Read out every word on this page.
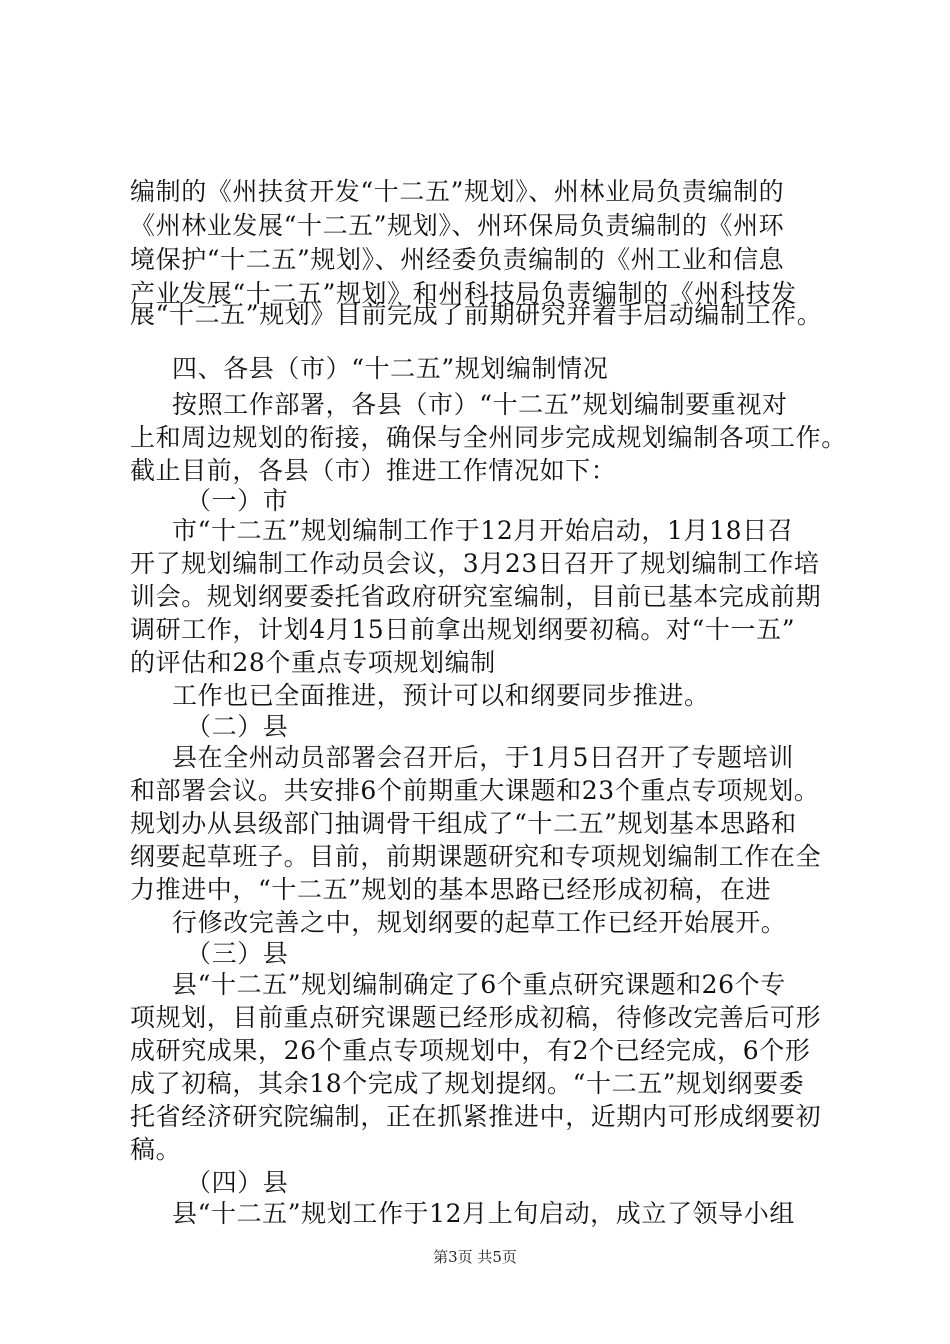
编制的《州扶贫开发“十二五”规划》、州林业局负责编制的
《州林业发展“十二五”规划》、州环保局负责编制的《州环
境保护“十二五”规划》、州经委负责编制的《州工业和信息
产业发展“十二五”规划》和州科技局负责编制的《州科技发
展“十二五”规划》目前完成了前期研究并着手启动编制工作。
四、各县（市）“十二五”规划编制情况
按照工作部署，各县（市）“十二五”规划编制要重视对
上和周边规划的衔接，确保与全州同步完成规划编制各项工作。
截止目前，各县（市）推进工作情况如下：
（一）市
市“十二五”规划编制工作于12月开始启动，1月18日召
开了规划编制工作动员会议，3月23日召开了规划编制工作培
训会。规划纲要委托省政府研究室编制，目前已基本完成前期
调研工作，计划4月15日前拿出规划纲要初稿。对“十一五”
的评估和28个重点专项规划编制
工作也已全面推进，预计可以和纲要同步推进。
（二）县
县在全州动员部署会召开后，于1月5日召开了专题培训
和部署会议。共安排6个前期重大课题和23个重点专项规划。
规划办从县级部门抽调骨干组成了“十二五”规划基本思路和
纲要起草班子。目前，前期课题研究和专项规划编制工作在全
力推进中，“十二五”规划的基本思路已经形成初稿，在进
行修改完善之中，规划纲要的起草工作已经开始展开。
（三）县
县“十二五”规划编制确定了6个重点研究课题和26个专
项规划，目前重点研究课题已经形成初稿，待修改完善后可形
成研究成果，26个重点专项规划中，有2个已经完成，6个形
成了初稿，其余18个完成了规划提纲。“十二五”规划纲要委
托省经济研究院编制，正在抓紧推进中，近期内可形成纲要初
稿。
（四）县
县“十二五”规划工作于12月上旬启动，成立了领导小组
第3页 共5页
